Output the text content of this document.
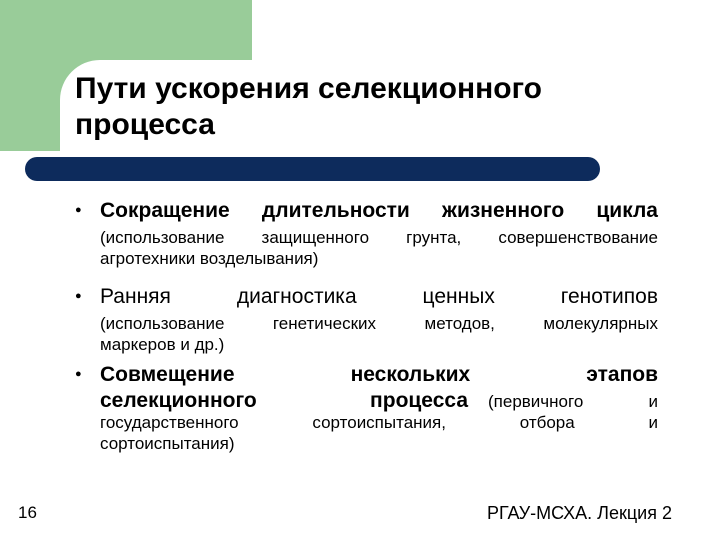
Пути ускорения селекционного
процесса
● Сокращение длительности жизненного цикла
(использование защищенного грунта, совершенствование
агротехники возделывания)
● Ранняя диагностика ценных генотипов
(использование генетических методов, молекулярных
маркеров и др.)
● Совмещение нескольких этапов
селекционного процесса (первичного и
государственного сортоиспытания, отбора и
сортоиспытания)
16	РГАУ-МСХА. Лекция 2
